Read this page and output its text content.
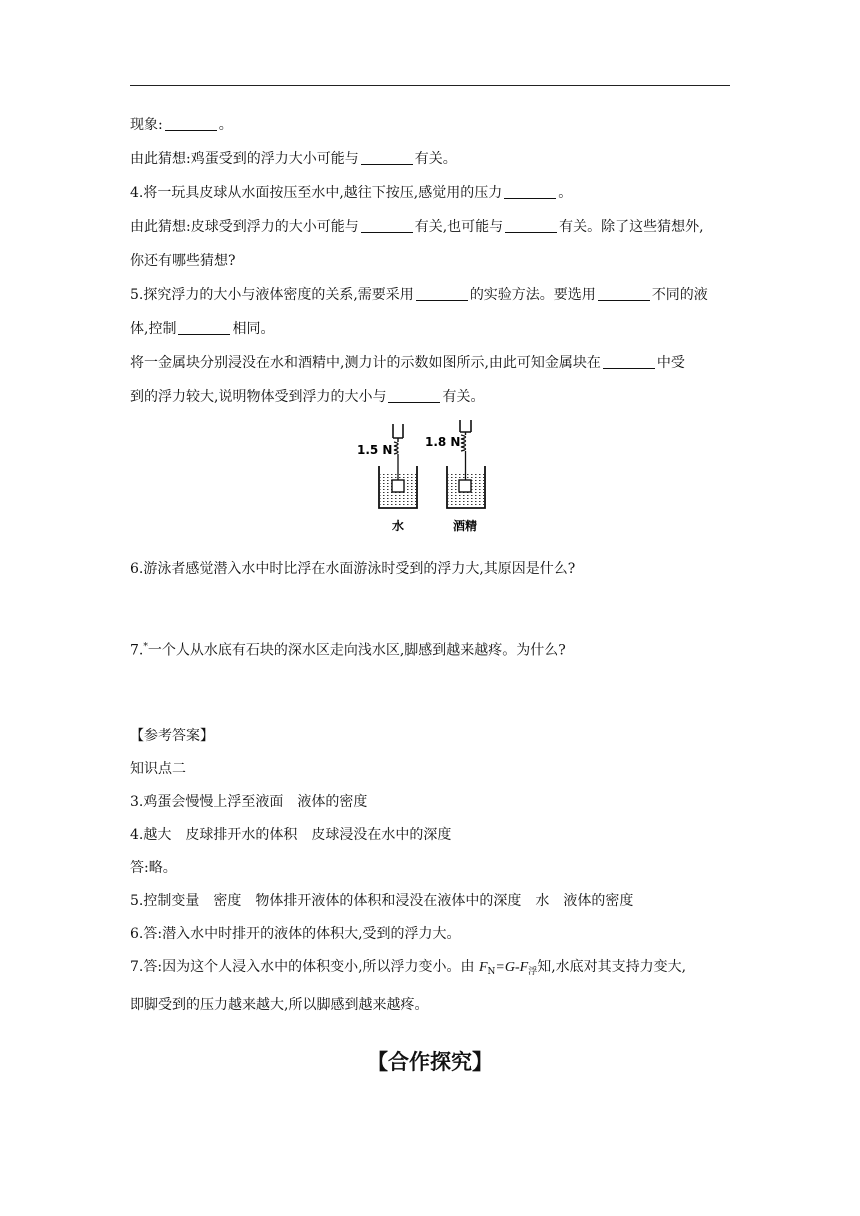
现象:	。
由此猜想:鸡蛋受到的浮力大小可能与	有关。
4.将一玩具皮球从水面按压至水中,越往下按压,感觉用的压力	。
由此猜想:皮球受到浮力的大小可能与	有关,也可能与	有关。除了这些猜想外,
你还有哪些猜想?
5.探究浮力的大小与液体密度的关系,需要采用	的实验方法。要选用	不同的液
体,控制	相同。
将一金属块分别浸没在水和酒精中,测力计的示数如图所示,由此可知金属块在	中受
到的浮力较大,说明物体受到浮力的大小与	有关。
1.5 N
水
1.8 N
酒精
6.游泳者感觉潜入水中时比浮在水面游泳时受到的浮力大,其原因是什么?
7.*一个人从水底有石块的深水区走向浅水区,脚感到越来越疼。为什么?
【参考答案】
知识点二
3.鸡蛋会慢慢上浮至液面 液体的密度
4.越大 皮球排开水的体积 皮球浸没在水中的深度
答:略。
5.控制变量 密度 物体排开液体的体积和浸没在液体中的深度 水 液体的密度
6.答:潜入水中时排开的液体的体积大,受到的浮力大。
7.答:因为这个人浸入水中的体积变小,所以浮力变小。由 $F_N=G-F_浮$知,水底对其支持力变大,
即脚受到的压力越来越大,所以脚感到越来越疼。
【合作探究】
